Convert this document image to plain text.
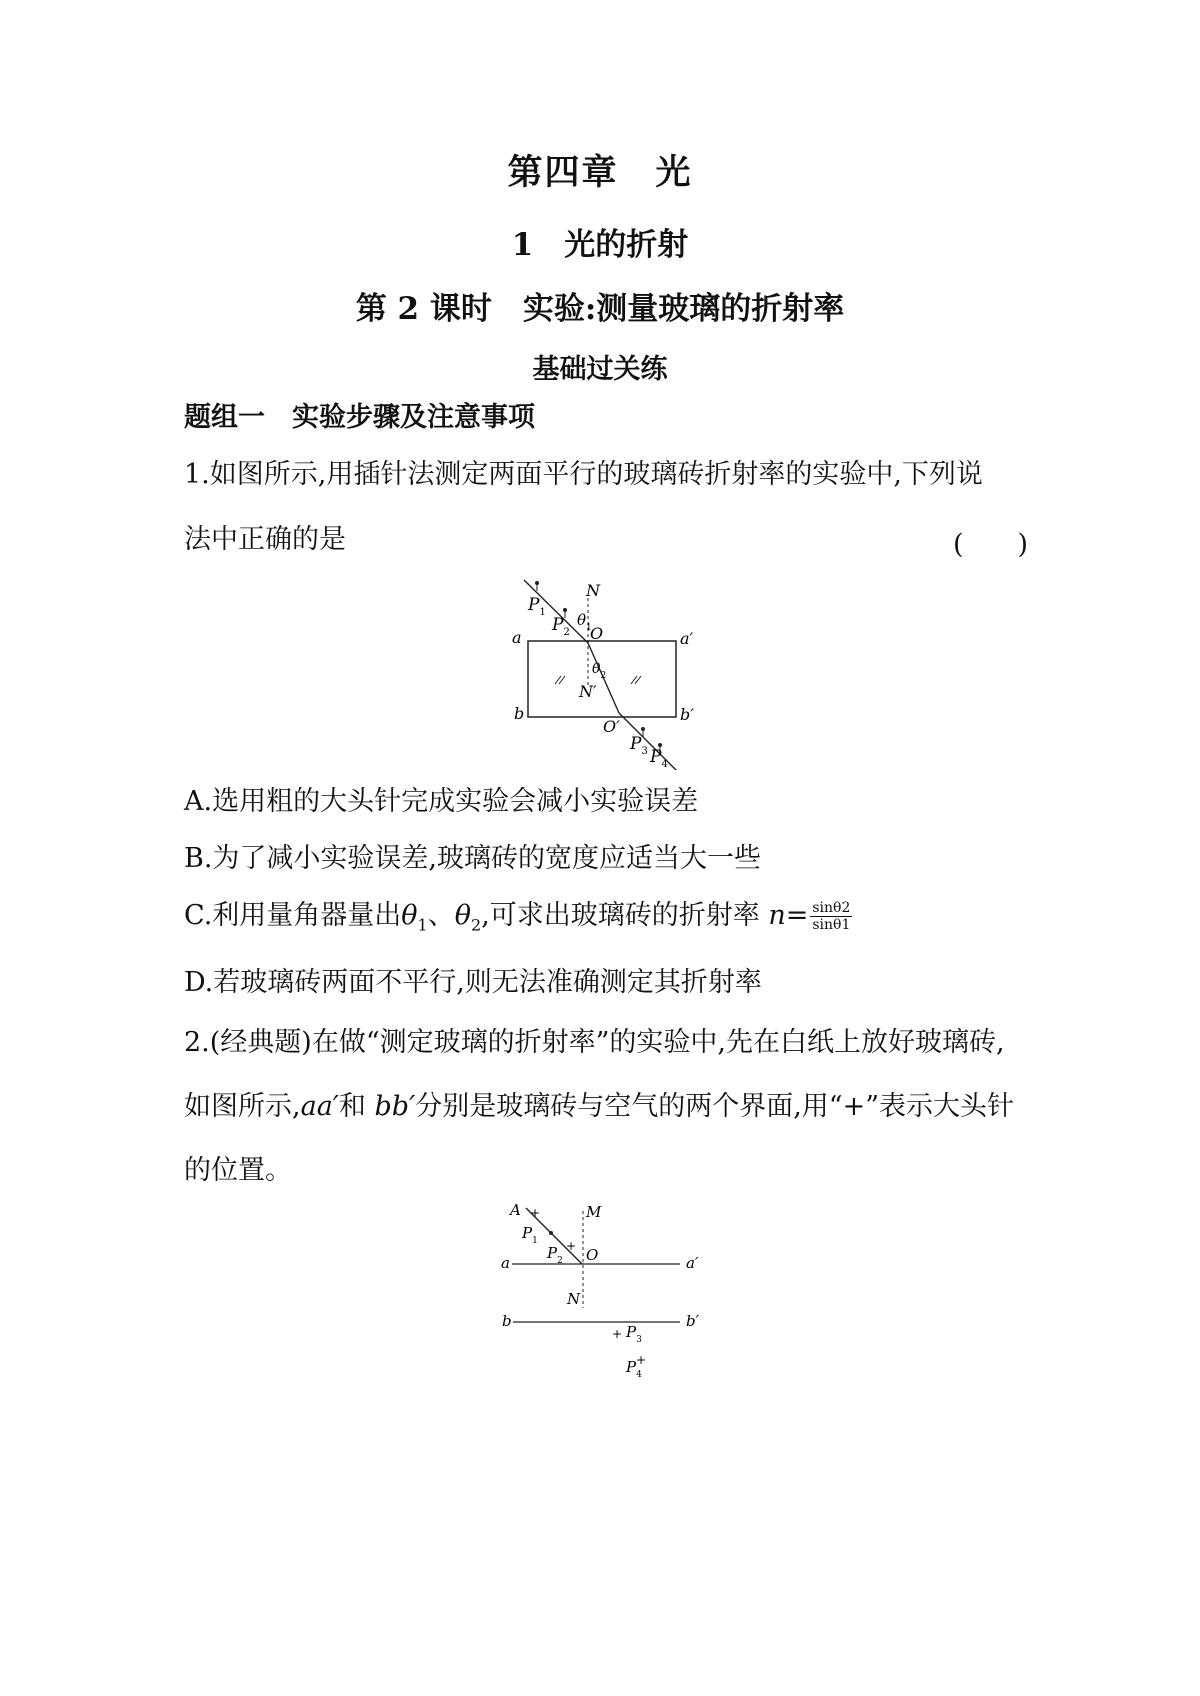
第四章　光
1　光的折射
第 2 课时　实验:测量玻璃的折射率
基础过关练
题组一　实验步骤及注意事项
1.如图所示,用插针法测定两面平行的玻璃砖折射率的实验中,下列说
法中正确的是	(　　)
$P_1$
$P_2$
N
$\theta_1$
O
a	a′
$\theta_2$
N′
b	b′
O′
$P_3$ $P_4$
A.选用粗的大头针完成实验会减小实验误差
B.为了减小实验误差,玻璃砖的宽度应适当大一些
C.利用量角器量出$\theta_1$、$\theta_2$,可求出玻璃砖的折射率 $n= \frac{\sin\theta 2}{\sin\theta 1}$
D.若玻璃砖两面不平行,则无法准确测定其折射率
2.(经典题)在做“测定玻璃的折射率”的实验中,先在白纸上放好玻璃砖,
如图所示,aa′和 bb′分别是玻璃砖与空气的两个界面,用“+”表示大头针
的位置。
A +
$P_1$ +
$P_2$
M
O
a	a′
N
b	b′
+ $P_3$
$P_4$
+
